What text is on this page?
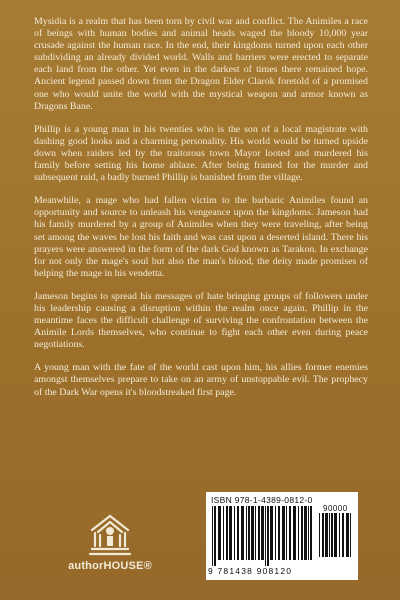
Mysidia is a realm that has been torn by civil war and conflict. The Animiles a race of beings with human bodies and animal heads waged the bloody 10,000 year crusade against the human race. In the end, their kingdoms turned upon each other subdividing an already divided world. Walls and barriers were erected to separate each land from the other. Yet even in the darkest of times there remained hope. Ancient legend passed down from the Dragon Elder Clarok foretold of a promised one who would unite the world with the mystical weapon and armor known as Dragons Bane.

Phillip is a young man in his twenties who is the son of a local magistrate with dashing good looks and a charming personality. His world would be turned upside down when raiders led by the traitorous town Mayor looted and murdered his family before setting his home ablaze. After being framed for the murder and subsequent raid, a badly burned Phillip is banished from the village.

Meanwhile, a mage who had fallen victim to the barbaric Animiles found an opportunity and source to unleash his vengeance upon the kingdoms. Jameson had his family murdered by a group of Animiles when they were traveling, after being set among the waves he lost his faith and was cast upon a deserted island. There his prayers were answered in the form of the dark God known as Tarakon. In exchange for not only the mage's soul but also the man's blood, the deity made promises of helping the mage in his vendetta.

Jameson begins to spread his messages of hate bringing groups of followers under his leadership causing a disruption within the realm once again. Phillip in the meantime faces the difficult challenge of surviving the confrontation between the Animile Lords themselves, who continue to fight each other even during peace negotiations.

A young man with the fate of the world cast upon him, his allies former enemies amongst themselves prepare to take on an army of unstoppable evil. The prophecy of the Dark War opens it's bloodstreaked first page.

authorHOUSE®
ISBN 978-1-4389-0812-0
90000
9 781438 908120
